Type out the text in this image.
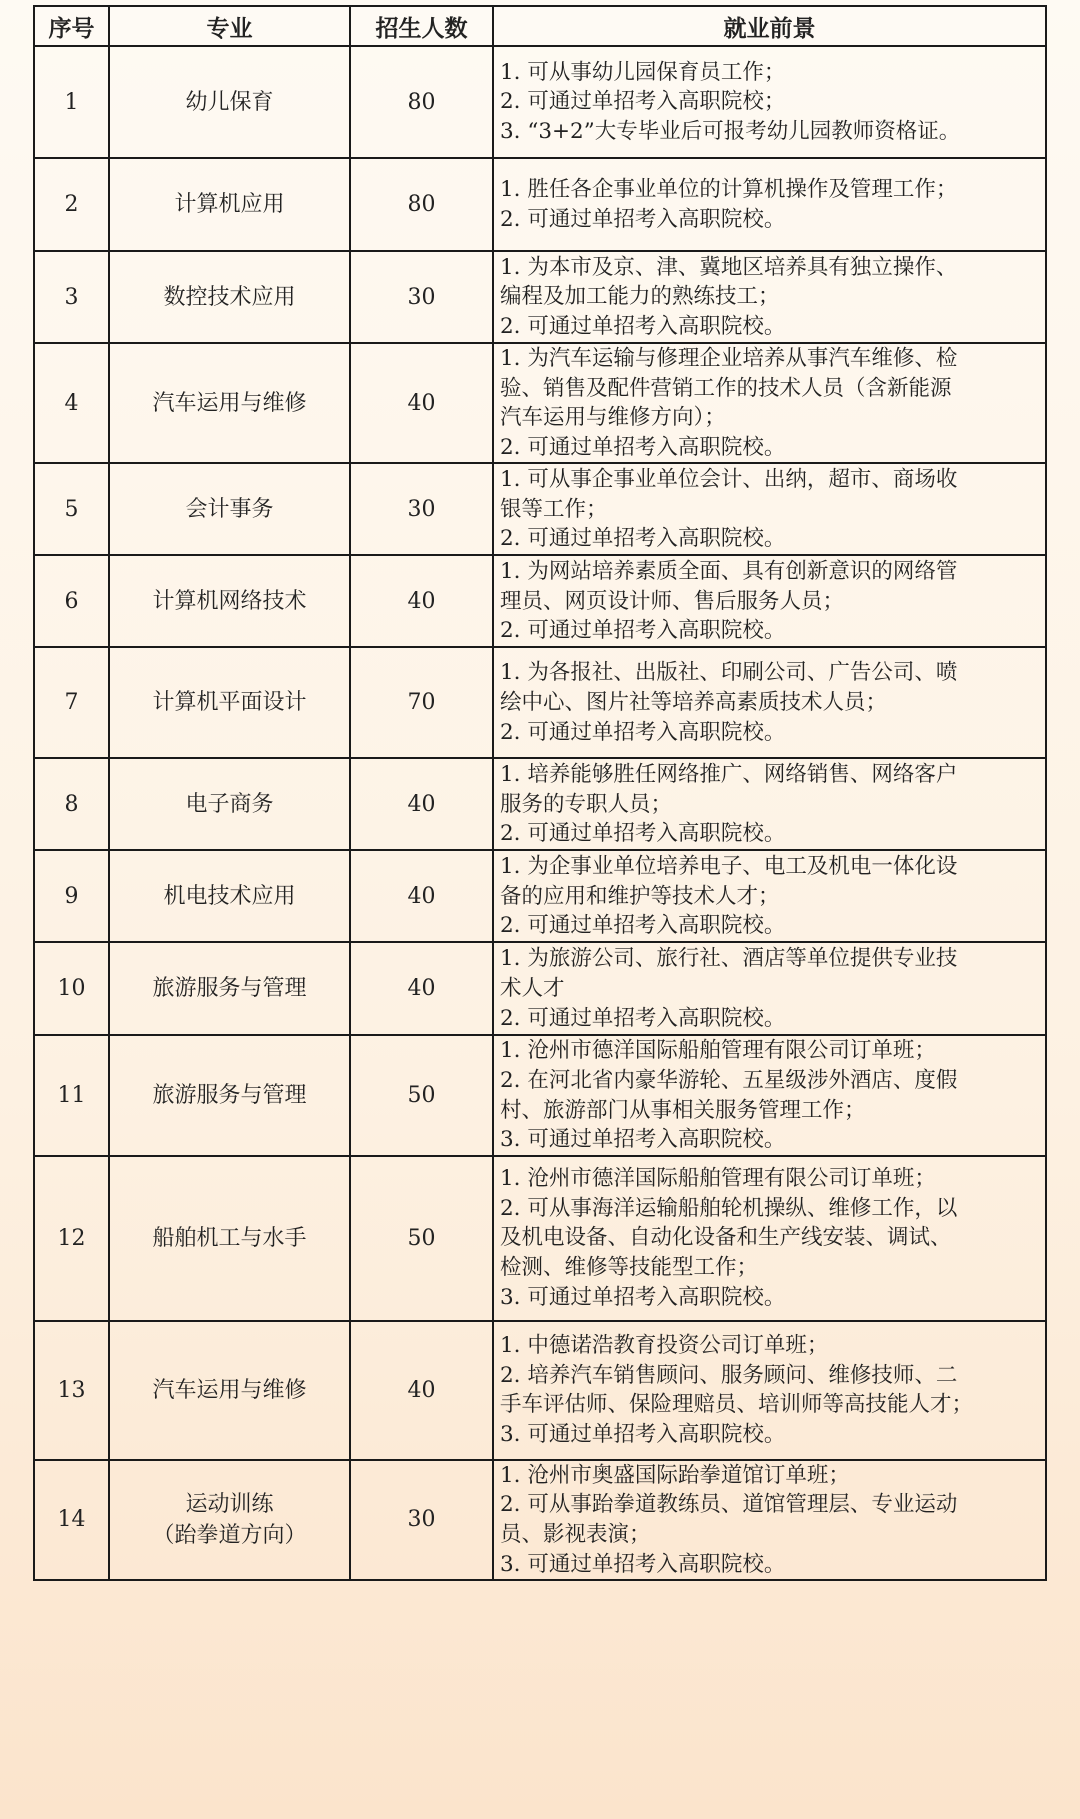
序号	专业	招生人数	就业前景
1	幼儿保育	80	1. 可从事幼儿园保育员工作；
2. 可通过单招考入高职院校；
3. “3+2”大专毕业后可报考幼儿园教师资格证。

2	计算机应用	80	1. 胜任各企事业单位的计算机操作及管理工作；
2. 可通过单招考入高职院校。

3	数控技术应用	30	1. 为本市及京、津、冀地区培养具有独立操作、
编程及加工能力的熟练技工；
2. 可通过单招考入高职院校。

4	汽车运用与维修	40	1. 为汽车运输与修理企业培养从事汽车维修、检
验、销售及配件营销工作的技术人员（含新能源
汽车运用与维修方向）；
2. 可通过单招考入高职院校。

5	会计事务	30	1. 可从事企事业单位会计、出纳，超市、商场收
银等工作；
2. 可通过单招考入高职院校。

6	计算机网络技术	40	1. 为网站培养素质全面、具有创新意识的网络管
理员、网页设计师、售后服务人员；
2. 可通过单招考入高职院校。

7	计算机平面设计	70	1. 为各报社、出版社、印刷公司、广告公司、喷
绘中心、图片社等培养高素质技术人员；
2. 可通过单招考入高职院校。

8	电子商务	40	1. 培养能够胜任网络推广、网络销售、网络客户
服务的专职人员；
2. 可通过单招考入高职院校。

9	机电技术应用	40	1. 为企事业单位培养电子、电工及机电一体化设
备的应用和维护等技术人才；
2. 可通过单招考入高职院校。

10	旅游服务与管理	40	1. 为旅游公司、旅行社、酒店等单位提供专业技
术人才
2. 可通过单招考入高职院校。

11	旅游服务与管理	50	1. 沧州市德洋国际船舶管理有限公司订单班；
2. 在河北省内豪华游轮、五星级涉外酒店、度假
村、旅游部门从事相关服务管理工作；
3. 可通过单招考入高职院校。

12	船舶机工与水手	50	1. 沧州市德洋国际船舶管理有限公司订单班；
2. 可从事海洋运输船舶轮机操纵、维修工作，以
及机电设备、自动化设备和生产线安装、调试、
检测、维修等技能型工作；
3. 可通过单招考入高职院校。

13	汽车运用与维修	40	1. 中德诺浩教育投资公司订单班；
2. 培养汽车销售顾问、服务顾问、维修技师、二
手车评估师、保险理赔员、培训师等高技能人才；
3. 可通过单招考入高职院校。

14	运动训练
（跆拳道方向）	30	1. 沧州市奥盛国际跆拳道馆订单班；
2. 可从事跆拳道教练员、道馆管理层、专业运动
员、影视表演；
3. 可通过单招考入高职院校。
